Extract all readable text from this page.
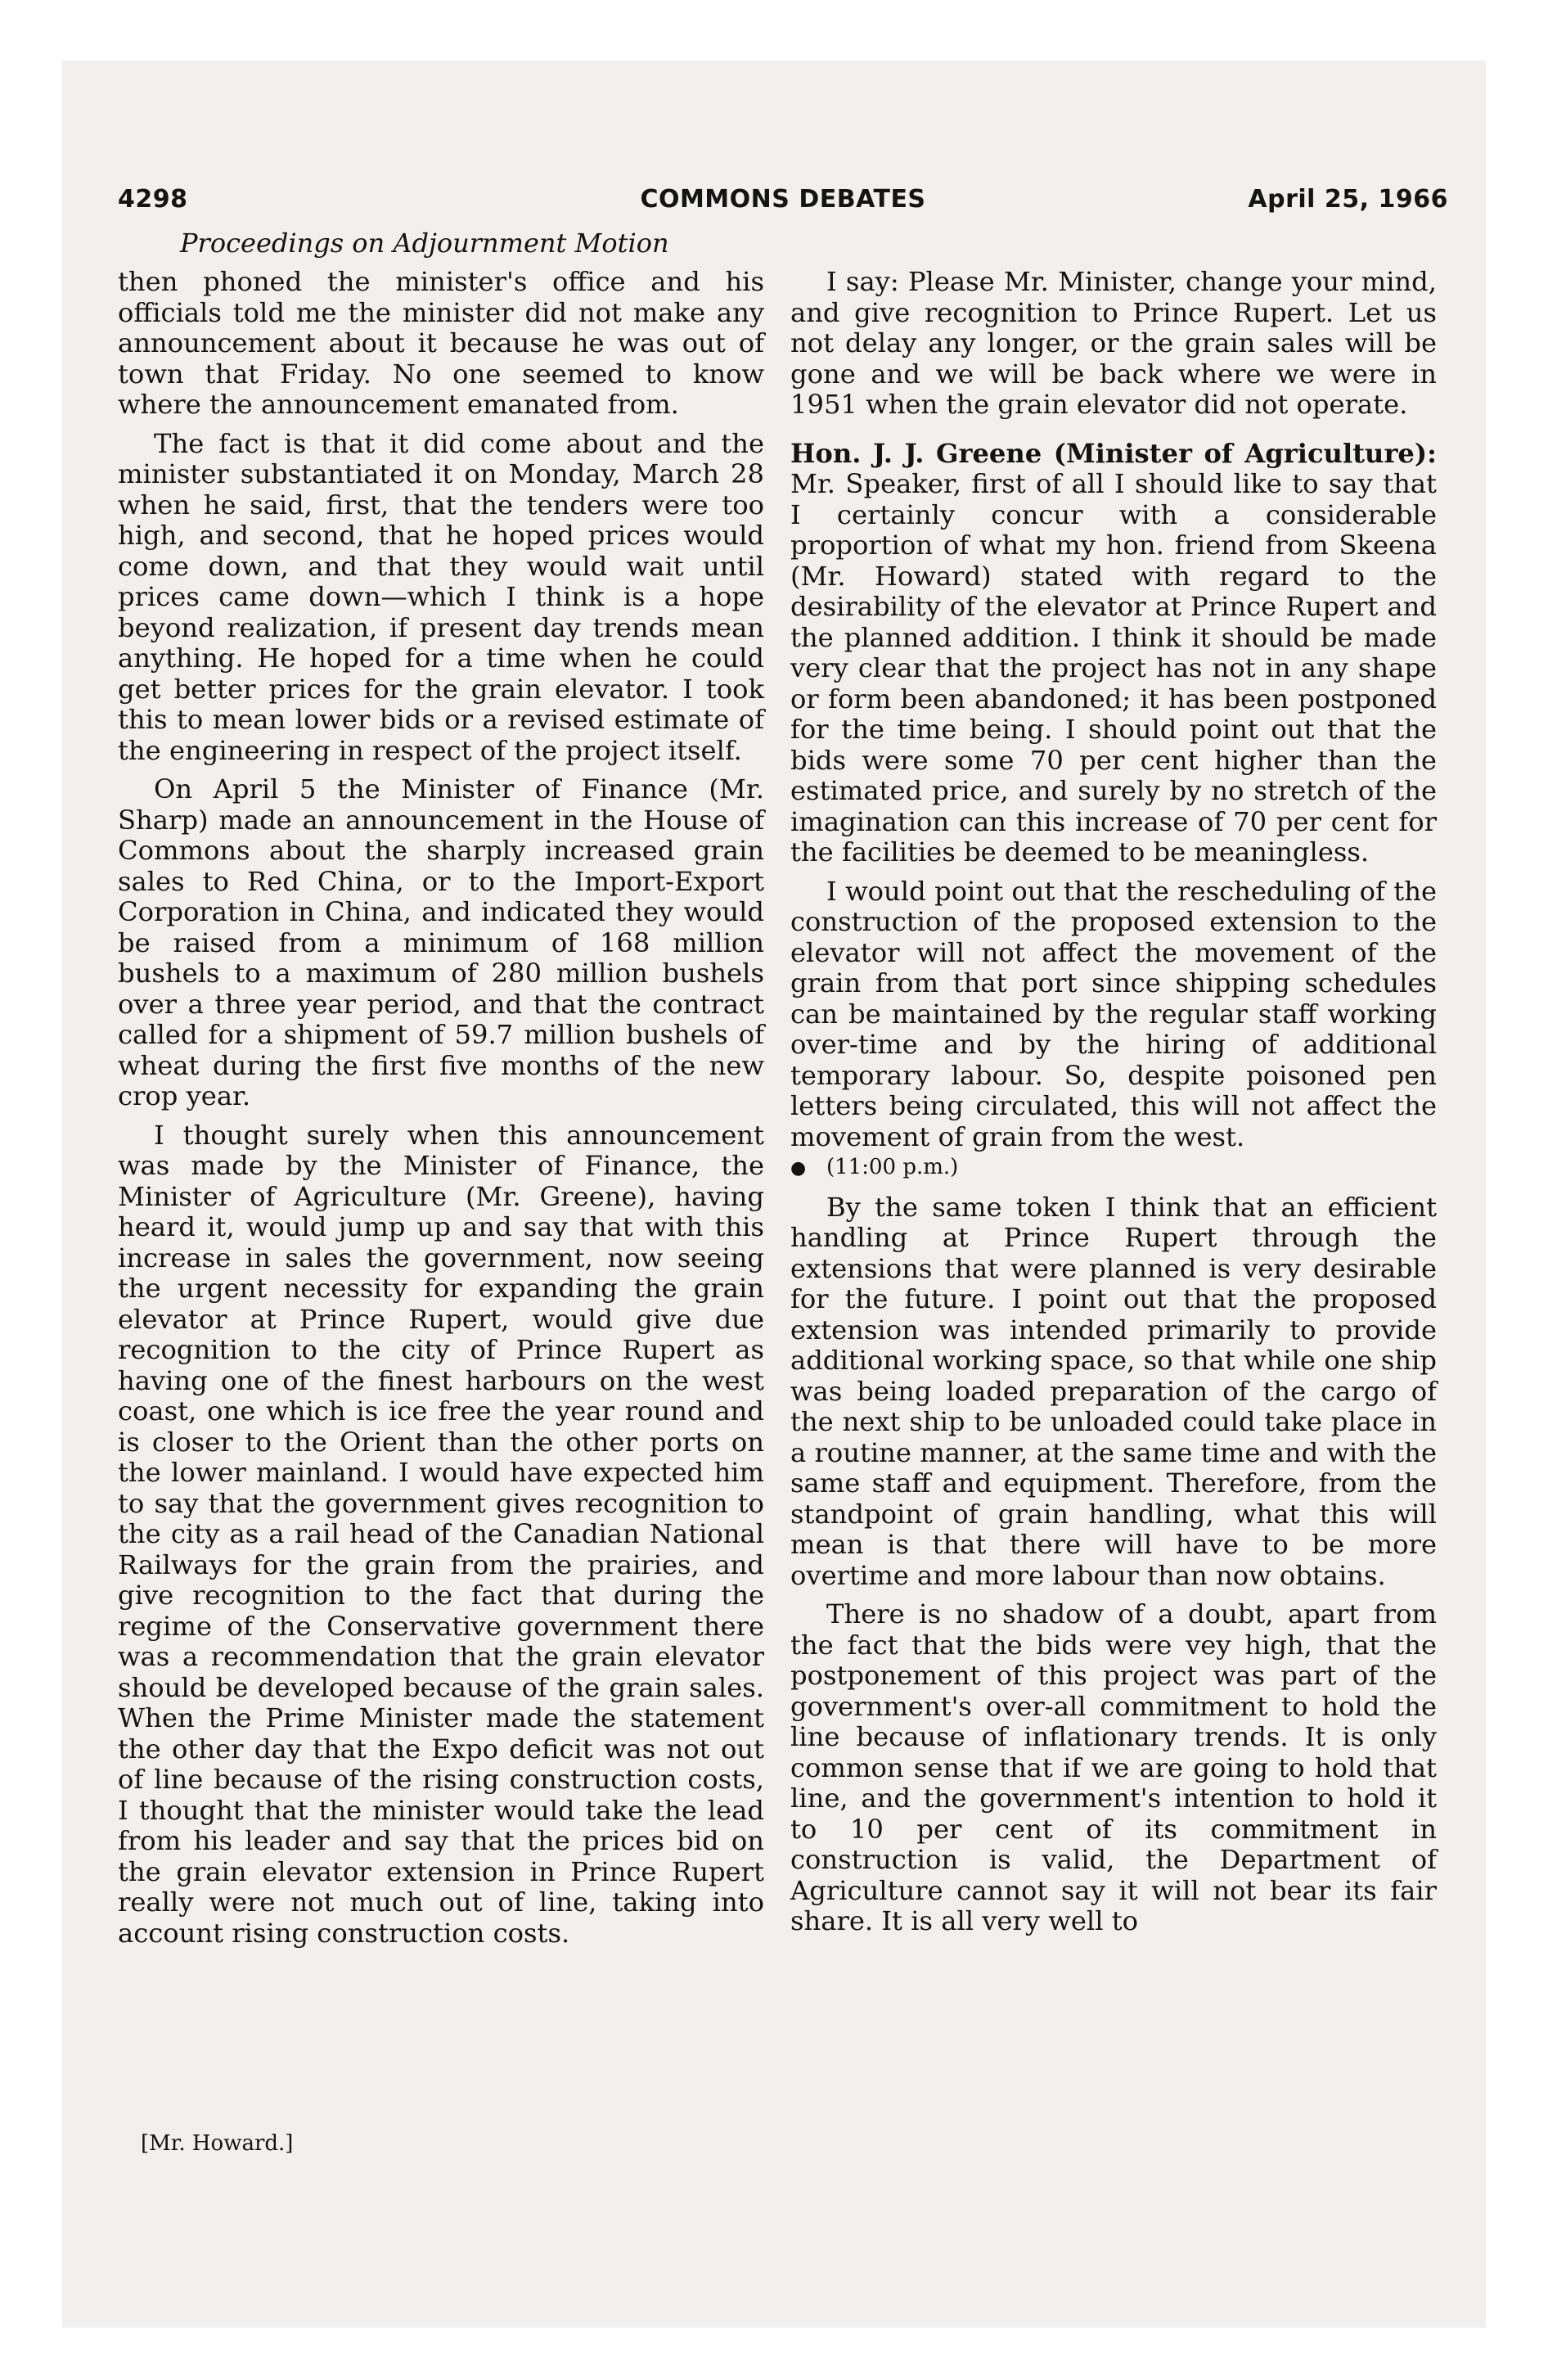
4298	COMMONS DEBATES	April 25, 1966
Proceedings on Adjournment Motion

then phoned the minister's office and his officials told me the minister did not make any announcement about it because he was out of town that Friday. No one seemed to know where the announcement emanated from.

The fact is that it did come about and the minister substantiated it on Monday, March 28 when he said, first, that the tenders were too high, and second, that he hoped prices would come down, and that they would wait until prices came down—which I think is a hope beyond realization, if present day trends mean anything. He hoped for a time when he could get better prices for the grain elevator. I took this to mean lower bids or a revised estimate of the engineering in respect of the project itself.

On April 5 the Minister of Finance (Mr. Sharp) made an announcement in the House of Commons about the sharply increased grain sales to Red China, or to the Import-Export Corporation in China, and indicated they would be raised from a minimum of 168 million bushels to a maximum of 280 million bushels over a three year period, and that the contract called for a shipment of 59.7 million bushels of wheat during the first five months of the new crop year.

I thought surely when this announcement was made by the Minister of Finance, the Minister of Agriculture (Mr. Greene), having heard it, would jump up and say that with this increase in sales the government, now seeing the urgent necessity for expanding the grain elevator at Prince Rupert, would give due recognition to the city of Prince Rupert as having one of the finest harbours on the west coast, one which is ice free the year round and is closer to the Orient than the other ports on the lower mainland. I would have expected him to say that the government gives recognition to the city as a rail head of the Canadian National Railways for the grain from the prairies, and give recognition to the fact that during the regime of the Conservative government there was a recommendation that the grain elevator should be developed because of the grain sales. When the Prime Minister made the statement the other day that the Expo deficit was not out of line because of the rising construction costs, I thought that the minister would take the lead from his leader and say that the prices bid on the grain elevator extension in Prince Rupert really were not much out of line, taking into account rising construction costs.

[Mr. Howard.]

I say: Please Mr. Minister, change your mind, and give recognition to Prince Rupert. Let us not delay any longer, or the grain sales will be gone and we will be back where we were in 1951 when the grain elevator did not operate.

Hon. J. J. Greene (Minister of Agriculture): Mr. Speaker, first of all I should like to say that I certainly concur with a considerable proportion of what my hon. friend from Skeena (Mr. Howard) stated with regard to the desirability of the elevator at Prince Rupert and the planned addition. I think it should be made very clear that the project has not in any shape or form been abandoned; it has been postponed for the time being. I should point out that the bids were some 70 per cent higher than the estimated price, and surely by no stretch of the imagination can this increase of 70 per cent for the facilities be deemed to be meaningless.

I would point out that the rescheduling of the construction of the proposed extension to the elevator will not affect the movement of the grain from that port since shipping schedules can be maintained by the regular staff working over-time and by the hiring of additional temporary labour. So, despite poisoned pen letters being circulated, this will not affect the movement of grain from the west.

● (11:00 p.m.)

By the same token I think that an efficient handling at Prince Rupert through the extensions that were planned is very desirable for the future. I point out that the proposed extension was intended primarily to provide additional working space, so that while one ship was being loaded preparation of the cargo of the next ship to be unloaded could take place in a routine manner, at the same time and with the same staff and equipment. Therefore, from the standpoint of grain handling, what this will mean is that there will have to be more overtime and more labour than now obtains.

There is no shadow of a doubt, apart from the fact that the bids were vey high, that the postponement of this project was part of the government's over-all commitment to hold the line because of inflationary trends. It is only common sense that if we are going to hold that line, and the government's intention to hold it to 10 per cent of its commitment in construction is valid, the Department of Agriculture cannot say it will not bear its fair share. It is all very well to
